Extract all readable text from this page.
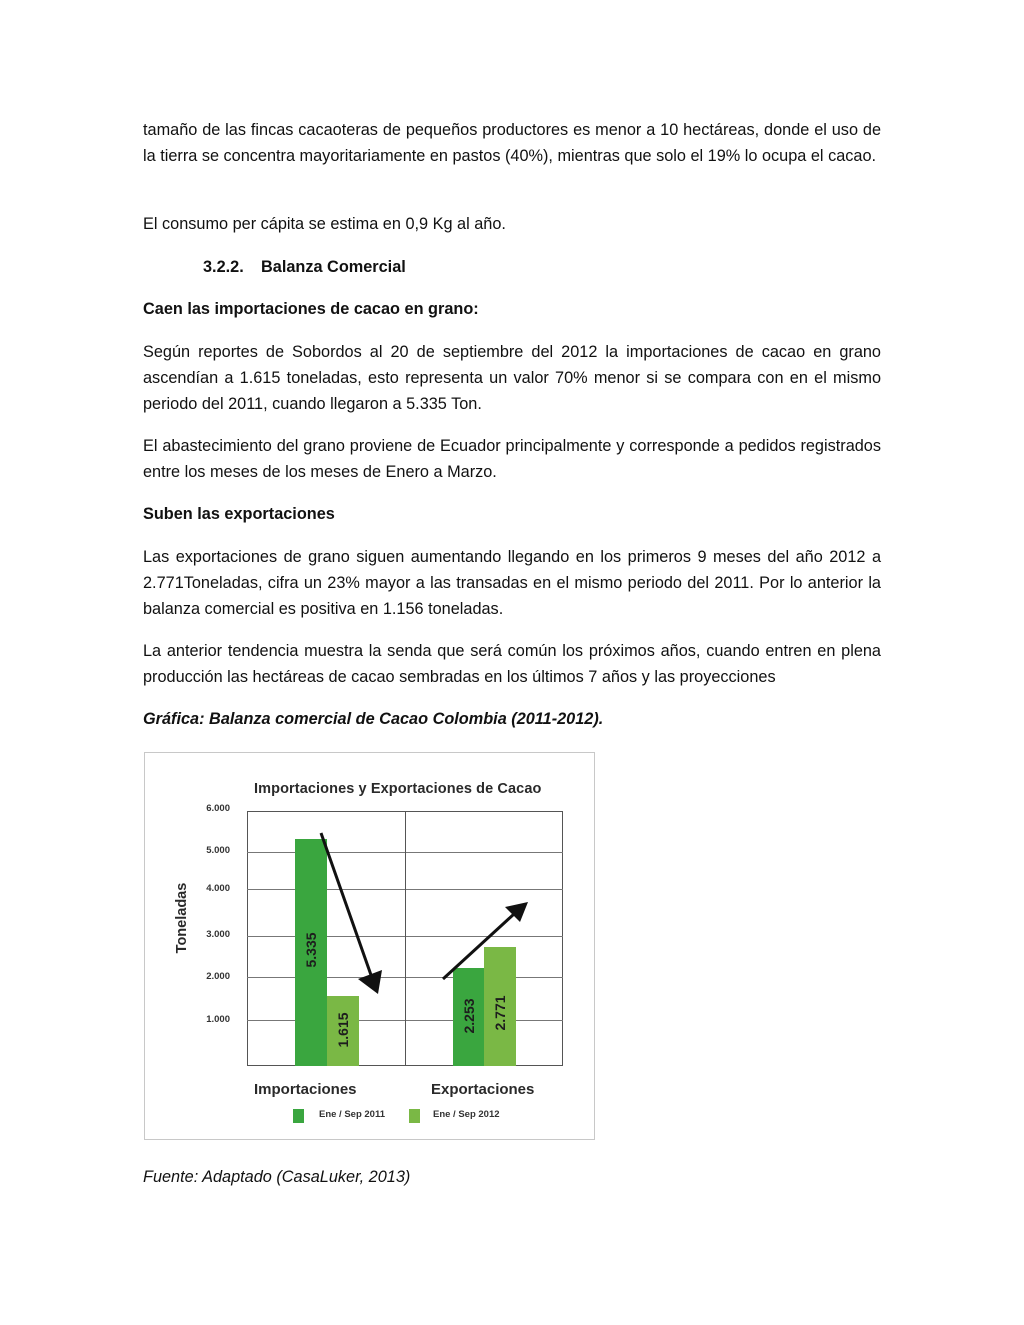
tamaño de las fincas cacaoteras de pequeños productores es menor a 10 hectáreas, donde el uso de la tierra se concentra mayoritariamente en pastos (40%), mientras que solo el 19% lo ocupa el cacao.

El consumo per cápita se estima en 0,9 Kg al año.

3.2.2. Balanza Comercial

Caen las importaciones de cacao en grano:

Según reportes de Sobordos al 20 de septiembre del 2012 la importaciones de cacao en grano ascendían a 1.615 toneladas, esto representa un valor 70% menor si se compara con en el mismo periodo del 2011, cuando llegaron a 5.335 Ton.

El abastecimiento del grano proviene de Ecuador principalmente y corresponde a pedidos registrados entre los meses de los meses de Enero a Marzo.

Suben las exportaciones

Las exportaciones de grano siguen aumentando llegando en los primeros 9 meses del año 2012 a 2.771Toneladas, cifra un 23% mayor a las transadas en el mismo periodo del 2011. Por lo anterior la balanza comercial es positiva en 1.156 toneladas.

La anterior tendencia muestra la senda que será común los próximos años, cuando entren en plena producción las hectáreas de cacao sembradas en los últimos 7 años y las proyecciones

Gráfica: Balanza comercial de Cacao Colombia (2011-2012).

Importaciones y Exportaciones de Cacao
Toneladas
6.000
5.000
4.000
3.000
2.000
1.000
5.335
1.615	2.253 2.771
Importaciones	Exportaciones
Ene / Sep 2011	Ene / Sep 2012

Fuente: Adaptado (CasaLuker, 2013)
